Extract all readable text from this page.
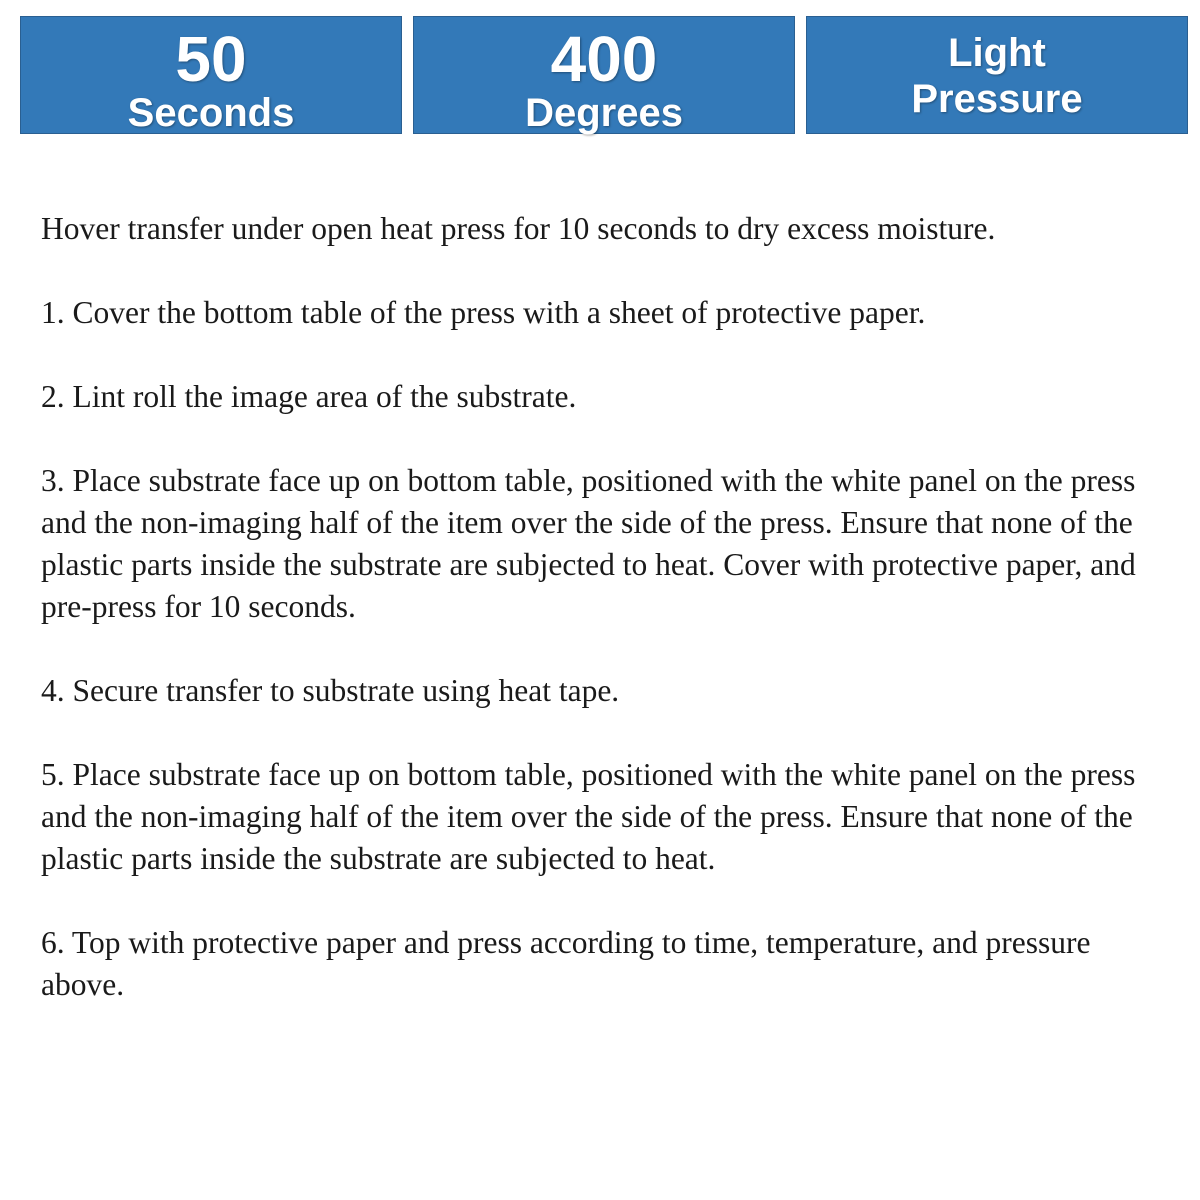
50
Seconds
400
Degrees
Light
Pressure

Hover transfer under open heat press for 10 seconds to dry excess moisture.

1. Cover the bottom table of the press with a sheet of protective paper.

2. Lint roll the image area of the substrate.

3. Place substrate face up on bottom table, positioned with the white panel on the press and the non-imaging half of the item over the side of the press. Ensure that none of the plastic parts inside the substrate are subjected to heat. Cover with protective paper, and pre-press for 10 seconds.

4. Secure transfer to substrate using heat tape.

5. Place substrate face up on bottom table, positioned with the white panel on the press and the non-imaging half of the item over the side of the press. Ensure that none of the plastic parts inside the substrate are subjected to heat.

6. Top with protective paper and press according to time, temperature, and pressure above.
